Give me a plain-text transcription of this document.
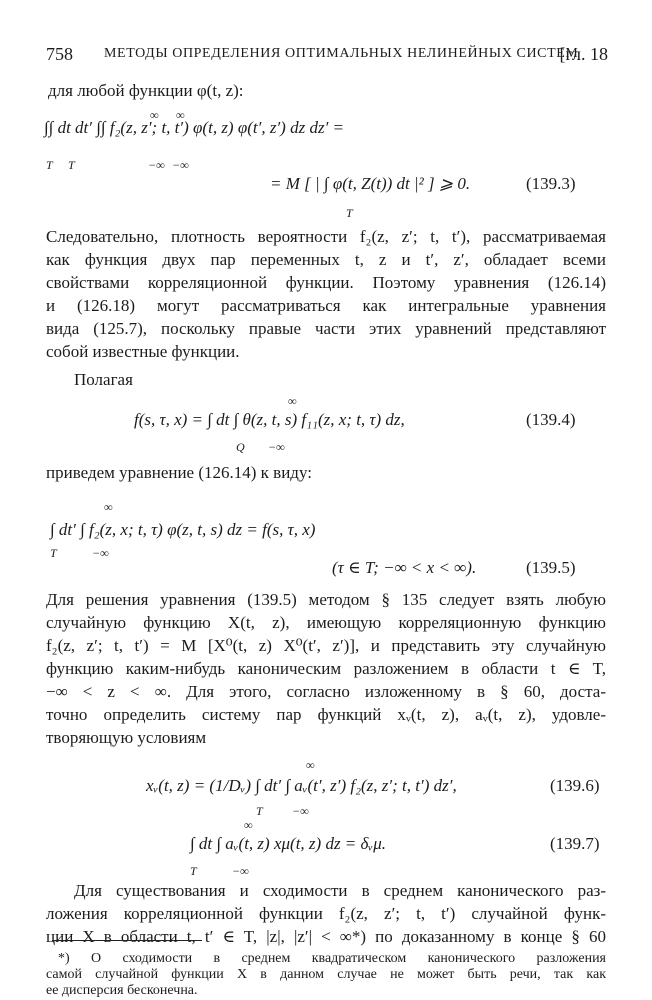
758 МЕТОДЫ ОПРЕДЕЛЕНИЯ ОПТИМАЛЬНЫХ НЕЛИНЕЙНЫХ СИСТЕМ
[гл. 18
для любой функции φ(t, z):
∫∫ dt dt′ ∫∫ f₂(z, z′; t, t′) φ(t, z) φ(t′, z′) dz dz′ =
T T	−∞ −∞
∞ ∞
= M [ | ∫ φ(t, Z(t)) dt |² ] ⩾ 0.
T
(139.3)
Следовательно, плотность вероятности f₂(z, z′; t, t′), рассматриваемая
как функция двух пар переменных t, z и t′, z′, обладает всеми
свойствами корреляционной функции. Поэтому уравнения (126.14)
и (126.18) могут рассматриваться как интегральные уравнения
вида (125.7), поскольку правые части этих уравнений представляют
собой известные функции.
Полагая
f(s, τ, x) = ∫ dt ∫ θ(z, t, s) f₁₁(z, x; t, τ) dz,
Q −∞
∞
(139.4)
приведем уравнение (126.14) к виду:
∫ dt′ ∫ f₂(z, x; t, τ) φ(z, t, s) dz = f(s, τ, x)
T	−∞
∞
(τ ∈ T; −∞ < x < ∞).	(139.5)
Для решения уравнения (139.5) методом § 135 следует взять любую
случайную функцию X(t, z), имеющую корреляционную функцию
f₂(z, z′; t, t′) = M [X⁰(t, z) X⁰(t′, z′)], и представить эту случайную
функцию каким-нибудь каноническим разложением в области t ∈ T,
−∞ < z < ∞. Для этого, согласно изложенному в § 60, доста-
точно определить систему пар функций xᵥ(t, z), aᵥ(t, z), удовле-
творяющую условиям
xᵥ(t, z) = (1/Dᵥ) ∫ dt′ ∫ aᵥ(t′, z′) f₂(z, z′; t, t′) dz′,
T −∞
∞
(139.6)
∫ dt ∫ aᵥ(t, z) xμ(t, z) dz = δᵥμ.
T	−∞
∞
(139.7)
Для существования и сходимости в среднем канонического раз-
ложения корреляционной функции f₂(z, z′; t, t′) случайной функ-
ции X в области t, t′ ∈ T, |z|, |z′| < ∞*) по доказанному в конце § 60
*) О сходимости в среднем квадратическом канонического разложения
самой случайной функции X в данном случае не может быть речи, так как
ее дисперсия бесконечна.
